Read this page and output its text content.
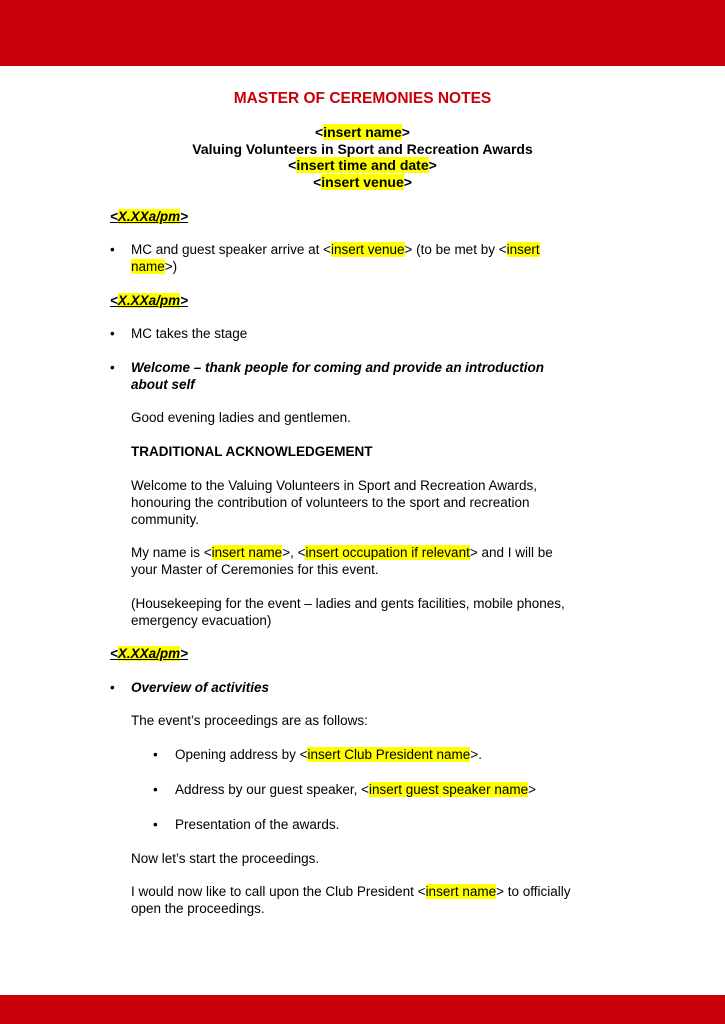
MASTER OF CEREMONIES NOTES
<insert name>
Valuing Volunteers in Sport and Recreation Awards
<insert time and date>
<insert venue>
<X.XXa/pm>
• MC and guest speaker arrive at <insert venue> (to be met by <insert
name>)
<X.XXa/pm>
• MC takes the stage
• Welcome – thank people for coming and provide an introduction
about self
Good evening ladies and gentlemen.
TRADITIONAL ACKNOWLEDGEMENT
Welcome to the Valuing Volunteers in Sport and Recreation Awards,
honouring the contribution of volunteers to the sport and recreation
community.
My name is <insert name>, <insert occupation if relevant> and I will be
your Master of Ceremonies for this event.
(Housekeeping for the event – ladies and gents facilities, mobile phones,
emergency evacuation)
<X.XXa/pm>
• Overview of activities
The event’s proceedings are as follows:
• Opening address by <insert Club President name>.
• Address by our guest speaker, <insert guest speaker name>
• Presentation of the awards.
Now let’s start the proceedings.
I would now like to call upon the Club President <insert name> to officially
open the proceedings.
